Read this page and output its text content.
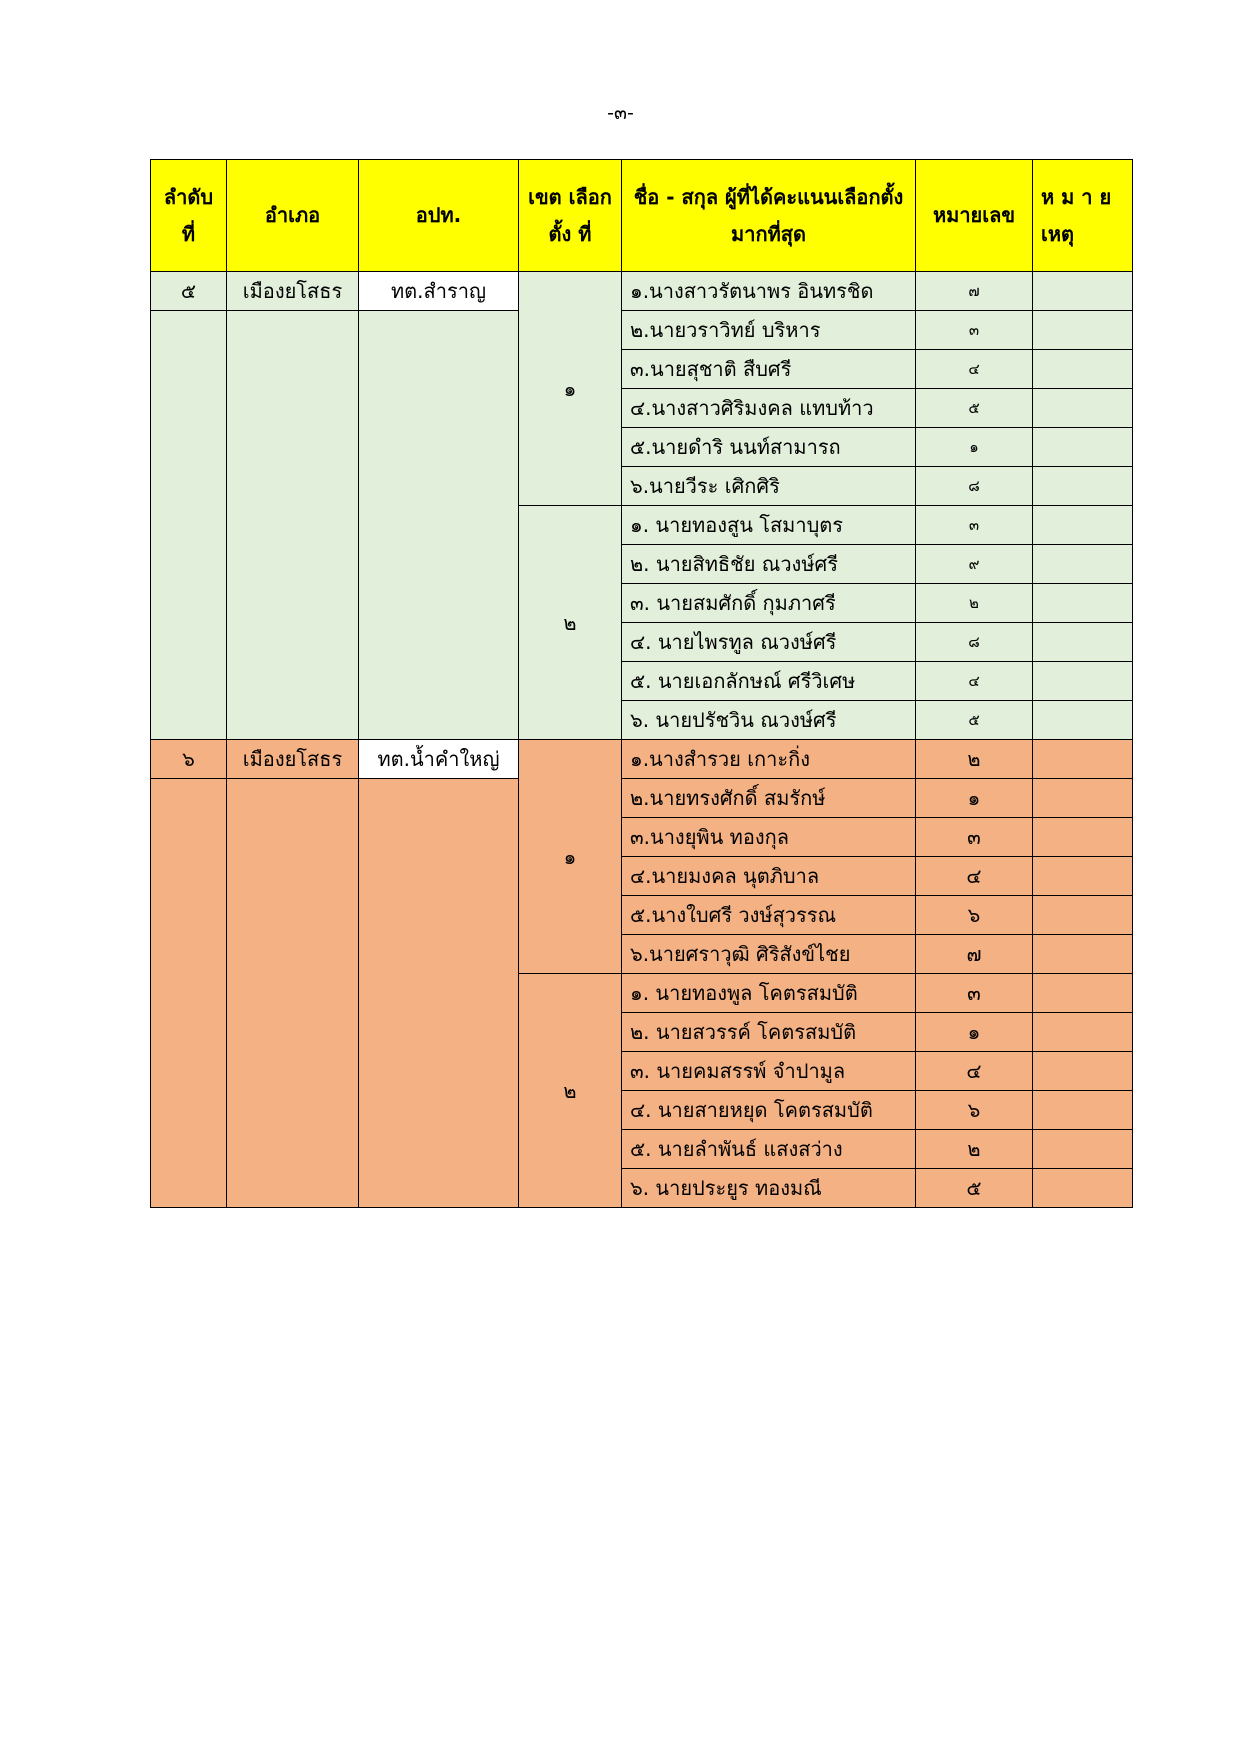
-๓-
ลำดับ ที่	อำเภอ	อปท.	เขต เลือกตั้ง ที่	ชื่อ - สกุล ผู้ที่ได้คะแนนเลือกตั้ง มากที่สุด	หมายเลข	ห ม า ย เหตุ
๕	เมืองยโสธร	ทต.สำราญ	๑	๑.นางสาวรัตนาพร อินทรชิด	๗	
				๒.นายวราวิทย์ บริหาร	๓	
				๓.นายสุชาติ สืบศรี	๔	
				๔.นางสาวศิริมงคล แทบท้าว	๕	
				๕.นายดำริ นนท์สามารถ	๑	
				๖.นายวีระ เศิกศิริ	๘	
			๒	๑. นายทองสูน โสมาบุตร	๓	
				๒. นายสิทธิชัย ณวงษ์ศรี	๙	
				๓. นายสมศักดิ์ กุมภาศรี	๒	
				๔. นายไพรทูล ณวงษ์ศรี	๘	
				๕. นายเอกลักษณ์ ศรีวิเศษ	๔	
				๖. นายปรัชวิน ณวงษ์ศรี	๕	
๖	เมืองยโสธร	ทต.น้ำคำใหญ่	๑	๑.นางสำรวย เกาะกิ่ง	๒	
				๒.นายทรงศักดิ์ สมรักษ์	๑	
				๓.นางยุพิน ทองกุล	๓	
				๔.นายมงคล นุตภิบาล	๔	
				๕.นางใบศรี วงษ์สุวรรณ	๖	
				๖.นายศราวุฒิ ศิริสังข์ไชย	๗	
			๒	๑. นายทองพูล โคตรสมบัติ	๓	
				๒. นายสวรรค์ โคตรสมบัติ	๑	
				๓. นายคมสรรพ์ จำปามูล	๔	
				๔. นายสายหยุด โคตรสมบัติ	๖	
				๕. นายลำพันธ์ แสงสว่าง	๒	
				๖. นายประยูร ทองมณี	๕	
